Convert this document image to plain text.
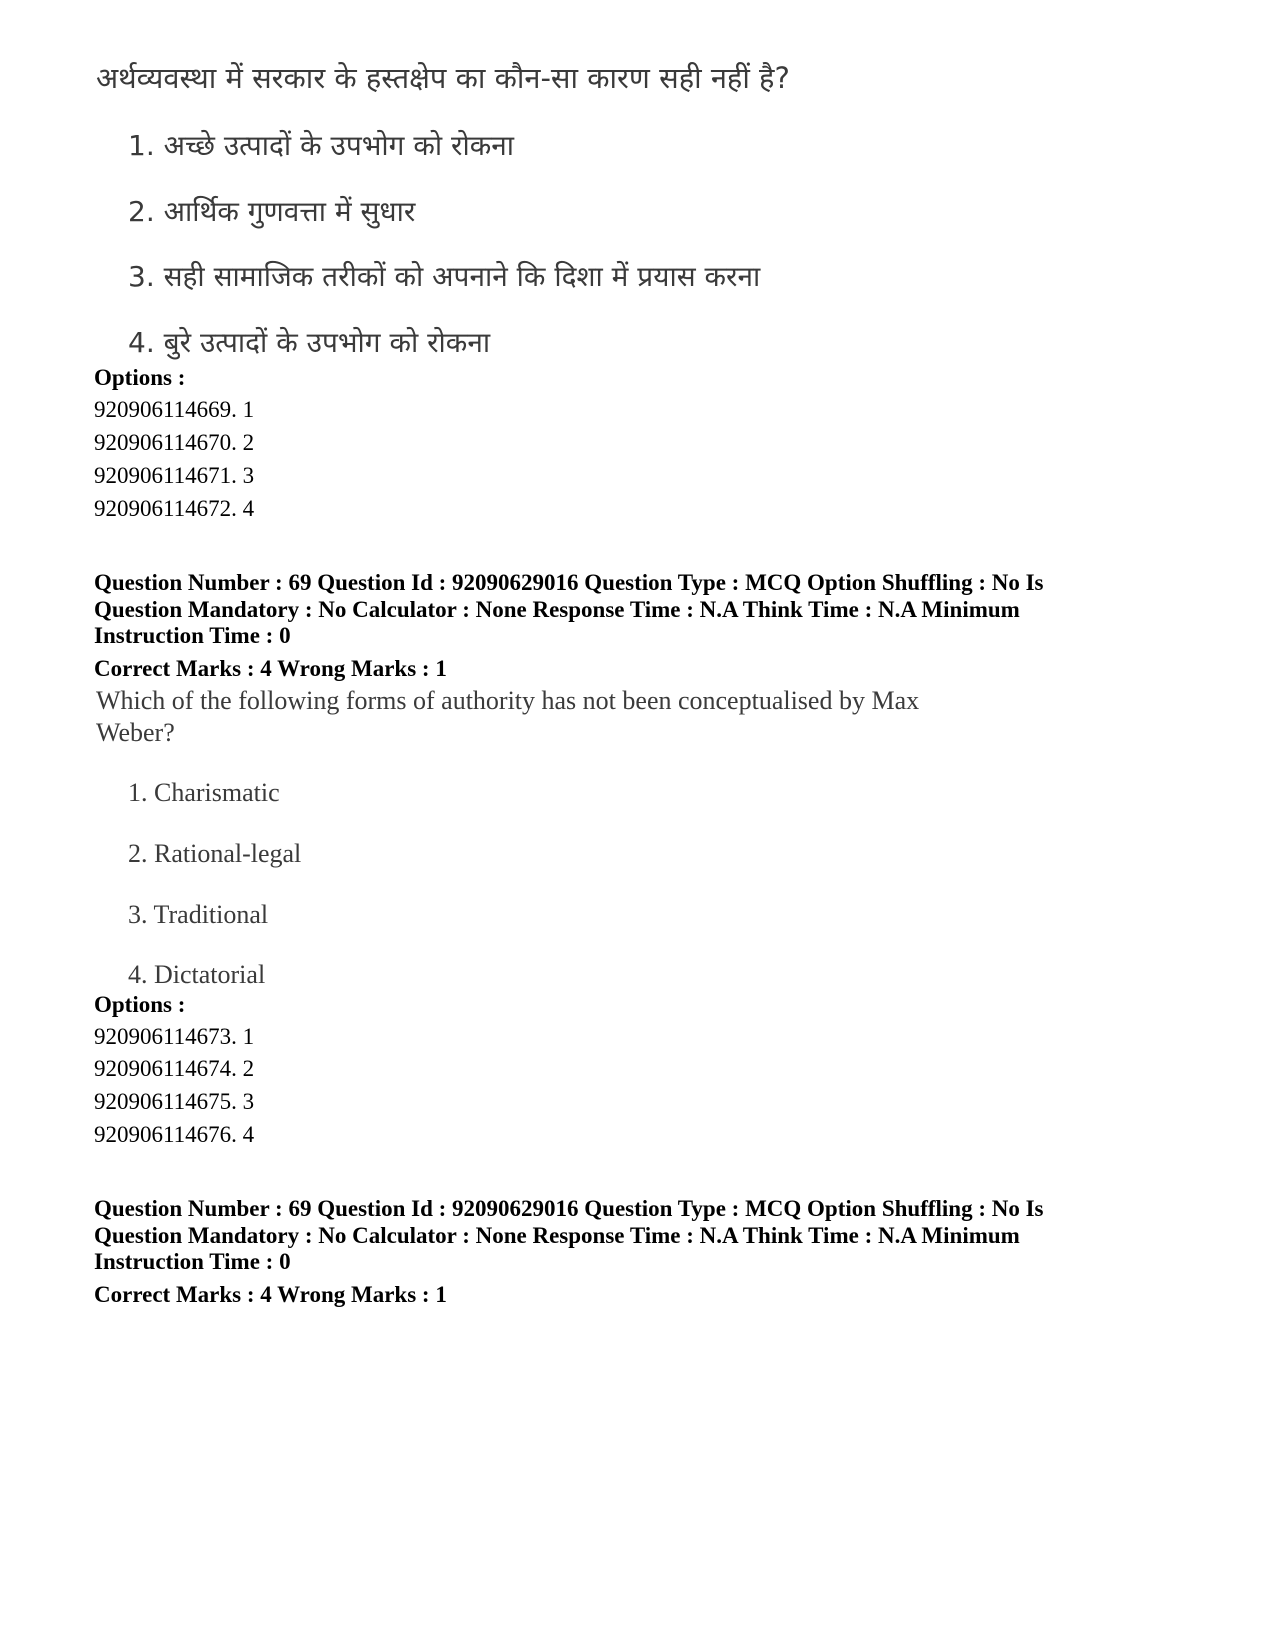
अर्थव्यवस्था में सरकार के हस्तक्षेप का कौन-सा कारण सही नहीं है?
1. अच्छे उत्पादों के उपभोग को रोकना
2. आर्थिक गुणवत्ता में सुधार
3. सही सामाजिक तरीकों को अपनाने कि दिशा में प्रयास करना
4. बुरे उत्पादों के उपभोग को रोकना
Options :
920906114669. 1
920906114670. 2
920906114671. 3
920906114672. 4
Question Number : 69 Question Id : 92090629016 Question Type : MCQ Option Shuffling : No Is Question Mandatory : No Calculator : None Response Time : N.A Think Time : N.A Minimum Instruction Time : 0
Correct Marks : 4 Wrong Marks : 1
Which of the following forms of authority has not been conceptualised by Max
Weber?
1. Charismatic
2. Rational-legal
3. Traditional
4. Dictatorial
Options :
920906114673. 1
920906114674. 2
920906114675. 3
920906114676. 4
Question Number : 69 Question Id : 92090629016 Question Type : MCQ Option Shuffling : No Is Question Mandatory : No Calculator : None Response Time : N.A Think Time : N.A Minimum Instruction Time : 0
Correct Marks : 4 Wrong Marks : 1
